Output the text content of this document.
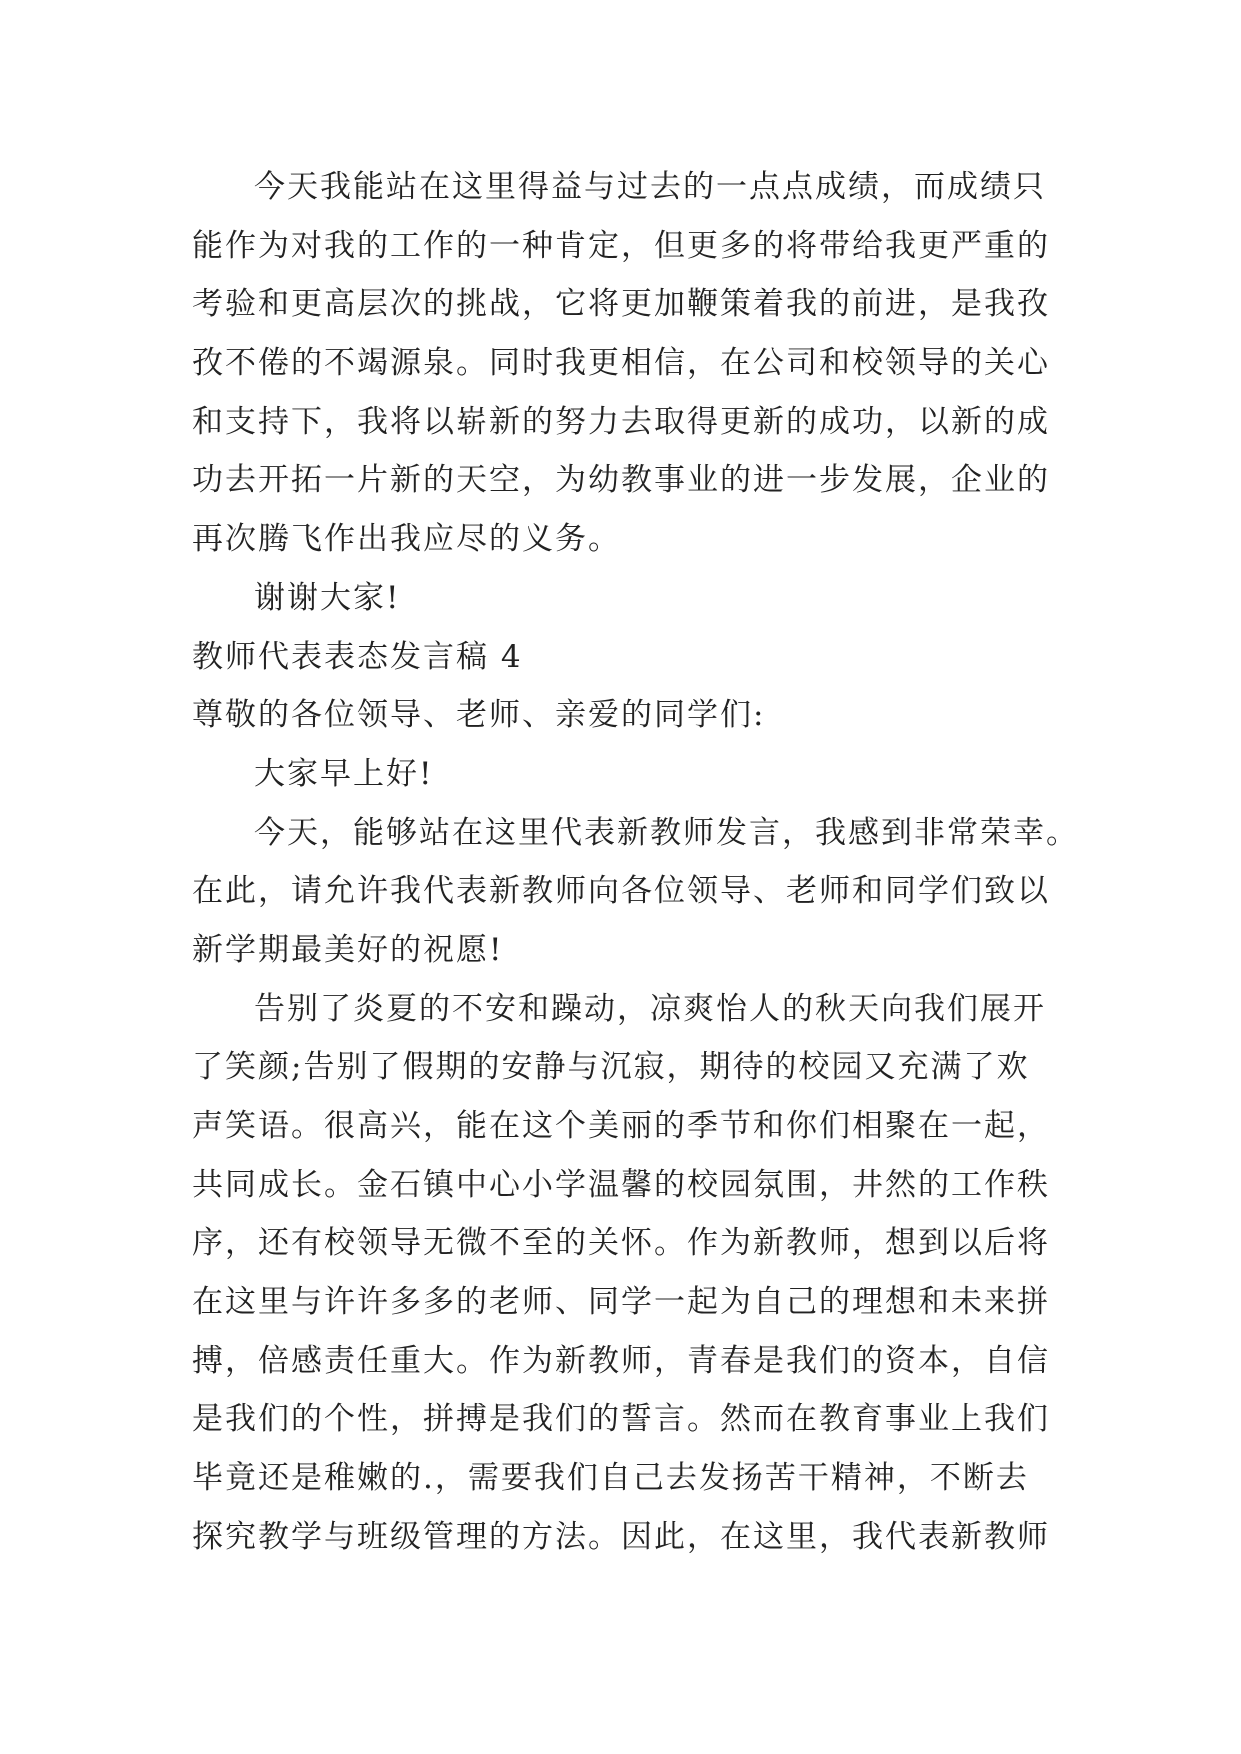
今天我能站在这里得益与过去的一点点成绩，而成绩只
能作为对我的工作的一种肯定，但更多的将带给我更严重的
考验和更高层次的挑战，它将更加鞭策着我的前进，是我孜
孜不倦的不竭源泉。同时我更相信，在公司和校领导的关心
和支持下，我将以崭新的努力去取得更新的成功，以新的成
功去开拓一片新的天空，为幼教事业的进一步发展，企业的
再次腾飞作出我应尽的义务。
谢谢大家!
教师代表表态发言稿 4
尊敬的各位领导、老师、亲爱的同学们:
大家早上好!
今天，能够站在这里代表新教师发言，我感到非常荣幸。
在此，请允许我代表新教师向各位领导、老师和同学们致以
新学期最美好的祝愿!
告别了炎夏的不安和躁动，凉爽怡人的秋天向我们展开
了笑颜;告别了假期的安静与沉寂，期待的校园又充满了欢
声笑语。很高兴，能在这个美丽的季节和你们相聚在一起，
共同成长。金石镇中心小学温馨的校园氛围，井然的工作秩
序，还有校领导无微不至的关怀。作为新教师，想到以后将
在这里与许许多多的老师、同学一起为自己的理想和未来拼
搏，倍感责任重大。作为新教师，青春是我们的资本，自信
是我们的个性，拼搏是我们的誓言。然而在教育事业上我们
毕竟还是稚嫩的.，需要我们自己去发扬苦干精神，不断去
探究教学与班级管理的方法。因此，在这里，我代表新教师
